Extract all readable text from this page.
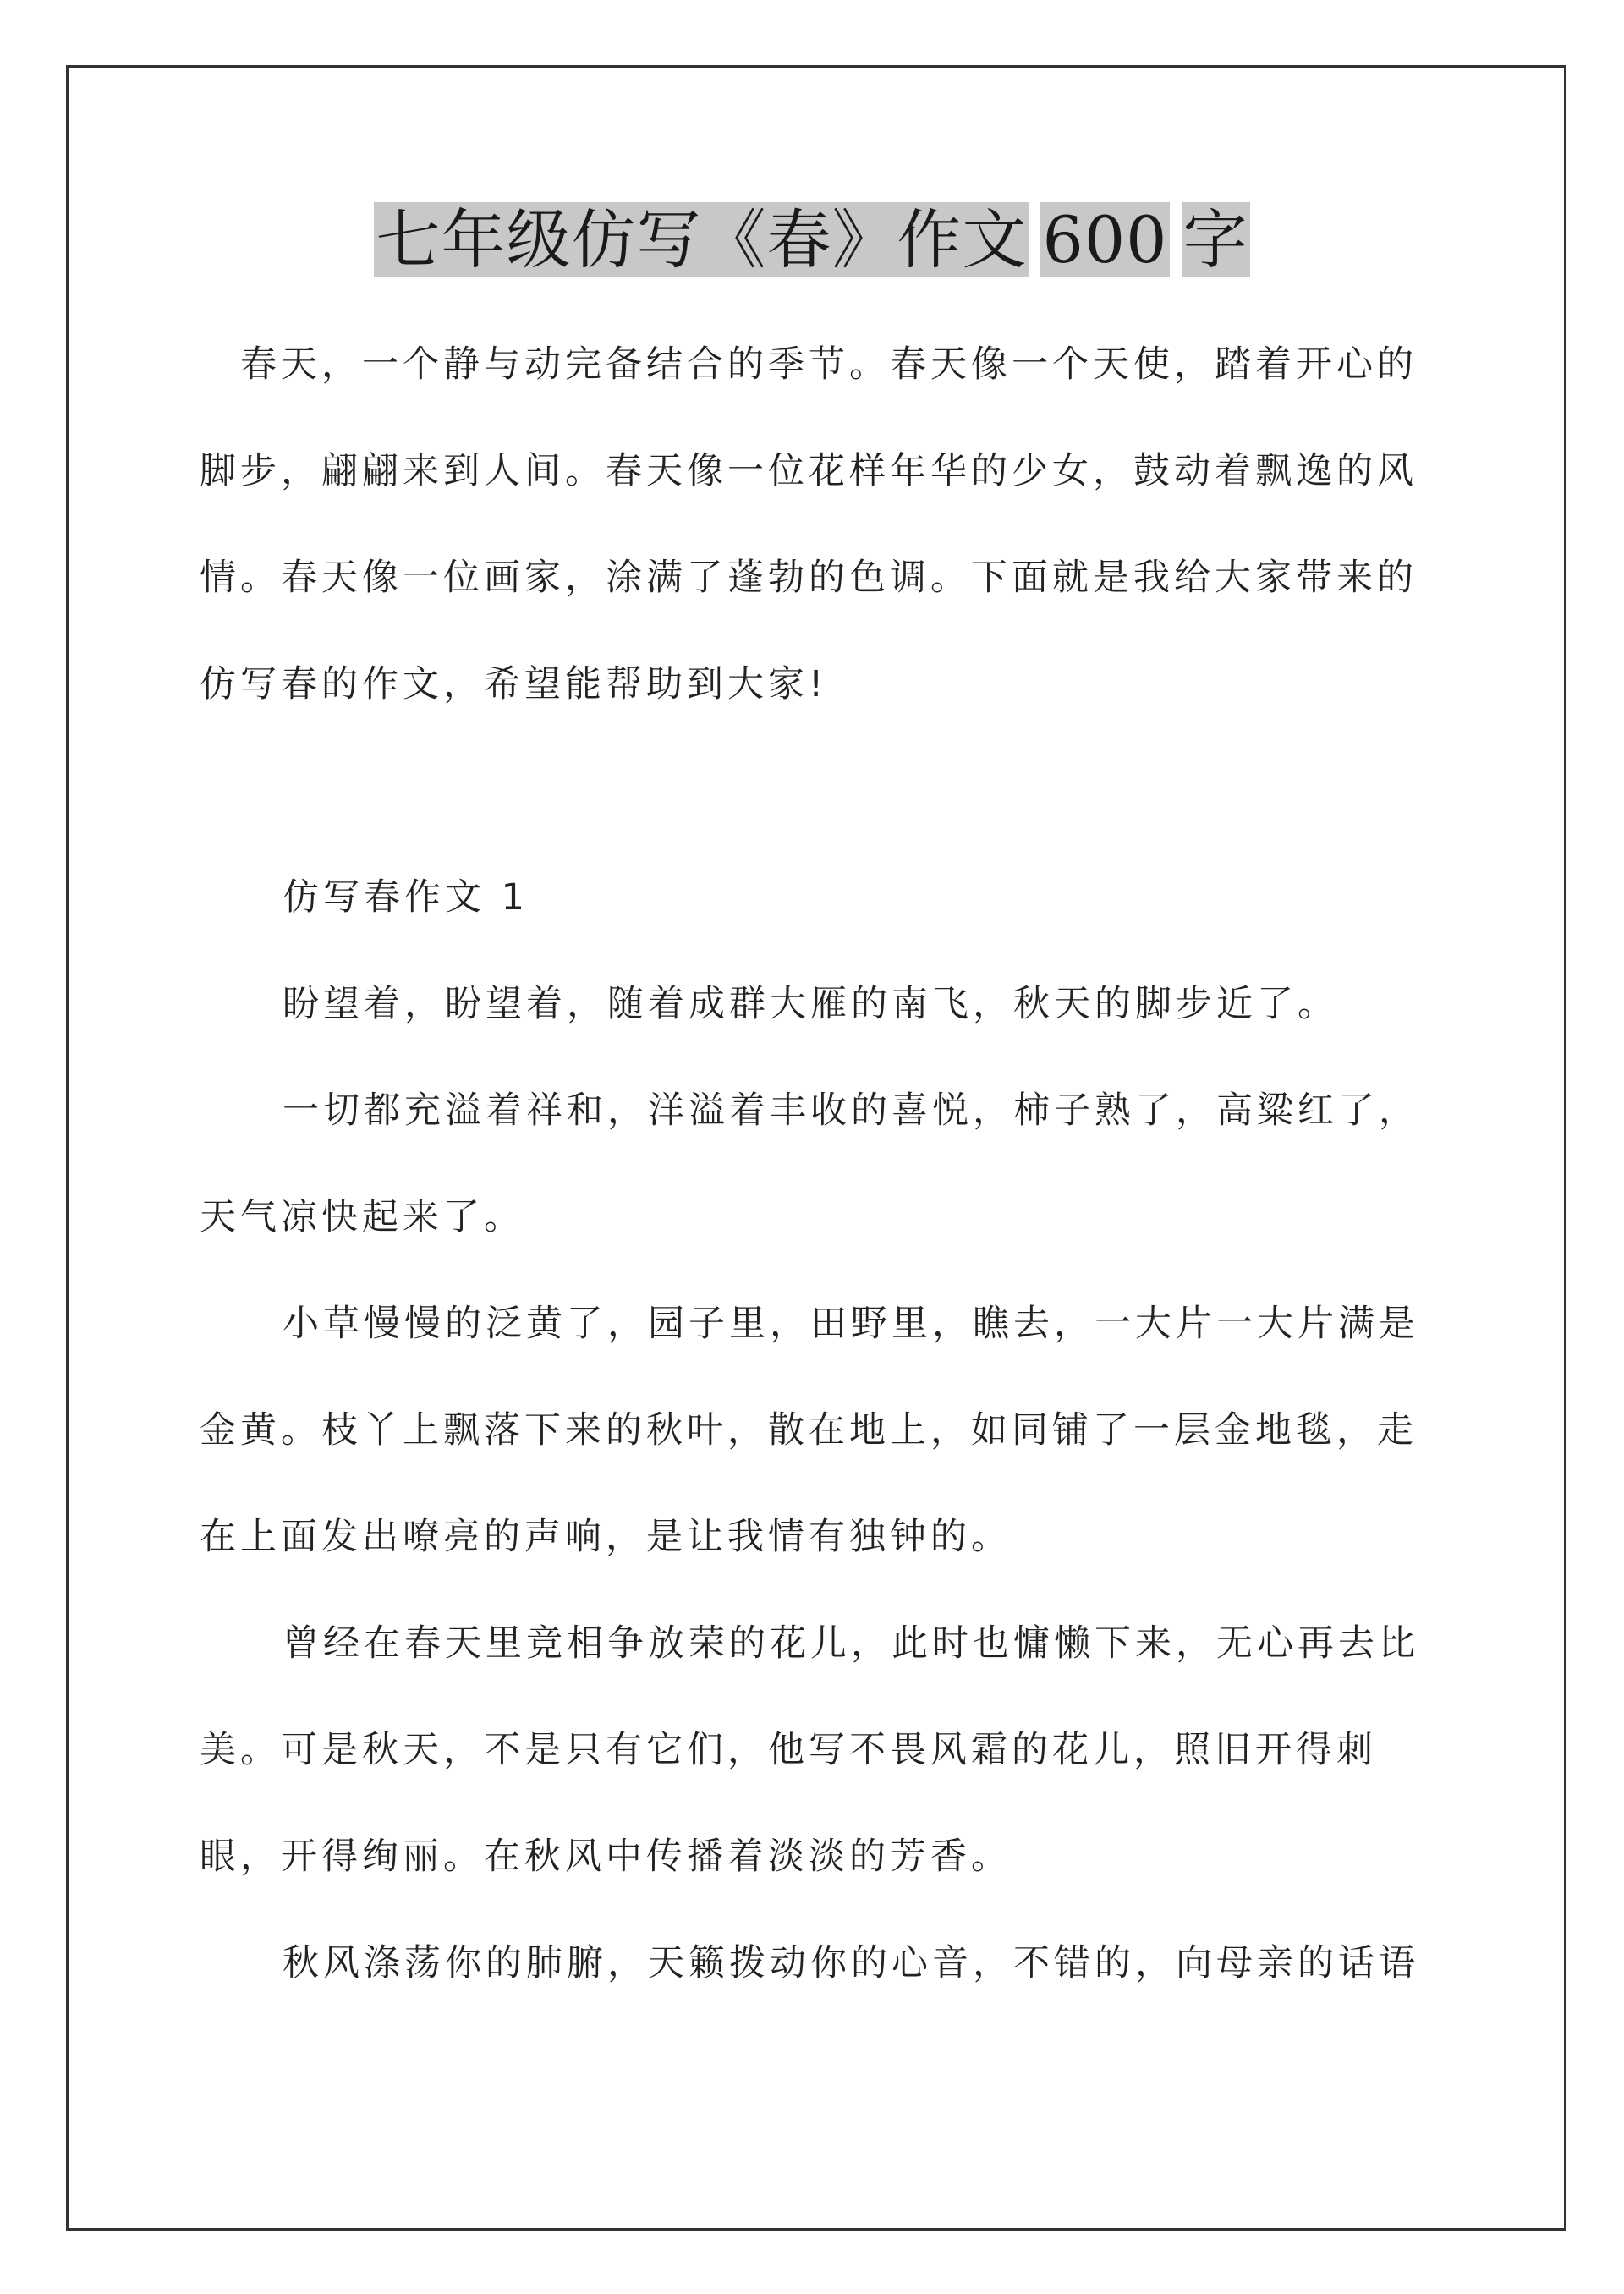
七年级仿写《春》作文 600 字

春天，一个静与动完备结合的季节。春天像一个天使，踏着开心的脚步，翩翩来到人间。春天像一位花样年华的少女，鼓动着飘逸的风情。春天像一位画家，涂满了蓬勃的色调。下面就是我给大家带来的仿写春的作文，希望能帮助到大家!

仿写春作文 1

盼望着，盼望着，随着成群大雁的南飞，秋天的脚步近了。

一切都充溢着祥和，洋溢着丰收的喜悦，柿子熟了，高粱红了，天气凉快起来了。

小草慢慢的泛黄了，园子里，田野里，瞧去，一大片一大片满是金黄。枝丫上飘落下来的秋叶，散在地上，如同铺了一层金地毯，走在上面发出嘹亮的声响，是让我情有独钟的。

曾经在春天里竞相争放荣的花儿，此时也慵懒下来，无心再去比美。可是秋天，不是只有它们，他写不畏风霜的花儿，照旧开得刺眼，开得绚丽。在秋风中传播着淡淡的芳香。

秋风涤荡你的肺腑，天籁拨动你的心音，不错的，向母亲的话语
